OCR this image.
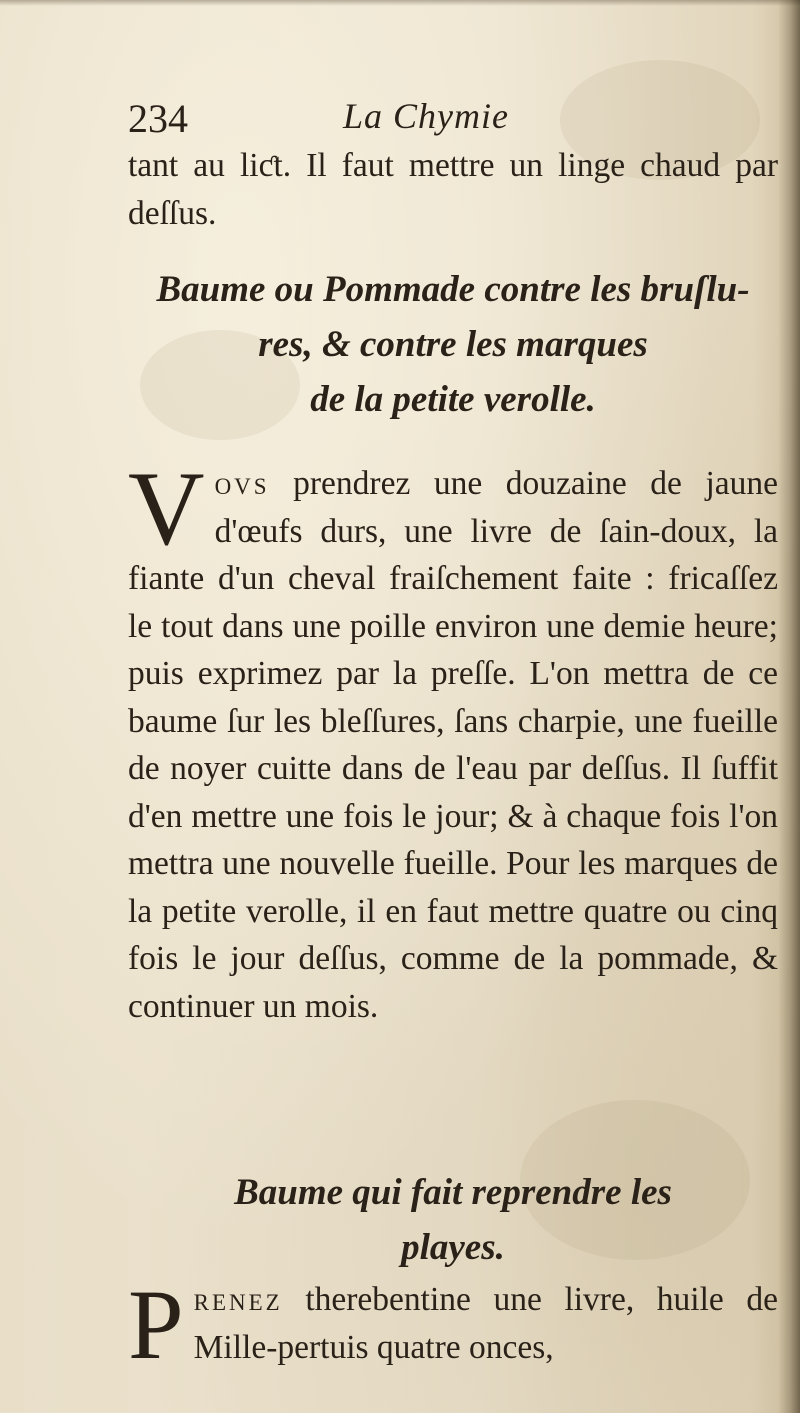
234	La Chymie
tant au liƈt. Il faut mettre un linge chaud par deſſus.
Baume ou Pommade contre les bruſlu-
res, & contre les marques
de la petite verolle.
V ovs prendrez une douzaine de jaune d'œufs durs, une livre de ſain-doux, la fiante d'un cheval fraiſchement faite : fricaſſez le tout dans une poille environ une demie heure; puis exprimez par la preſſe. L'on mettra de ce baume ſur les bleſſures, ſans charpie, une fueille de noyer cuitte dans de l'eau par deſſus. Il ſuffit d'en mettre une fois le jour; & à chaque fois l'on mettra une nouvelle fueille. Pour les marques de la petite verolle, il en faut mettre quatre ou cinq fois le jour deſſus, comme de la pommade, & continuer un mois.
Baume qui fait reprendre les
playes.
P renez therebentine une livre, huile de Mille-pertuis quatre onces,
